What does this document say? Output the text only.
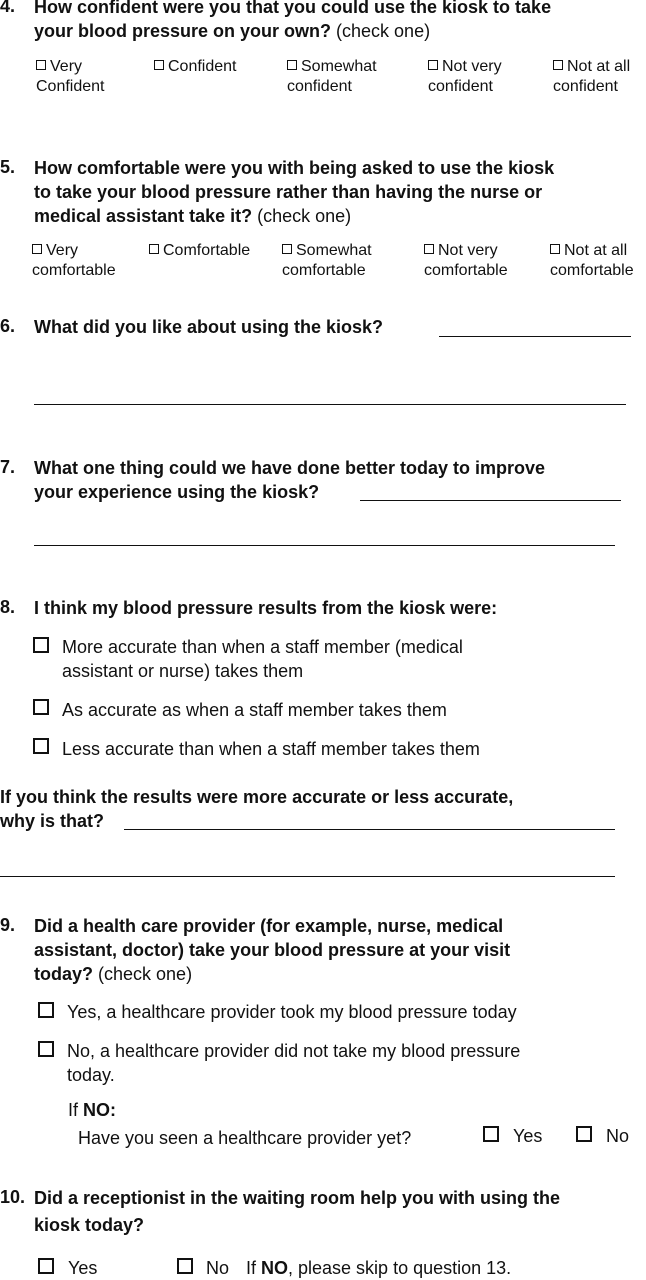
4. How confident were you that you could use the kiosk to take
your blood pressure on your own? (check one)
Very
Confident
Confident	Somewhat
confident
Not very
confident
Not at all
confident
5. How comfortable were you with being asked to use the kiosk
to take your blood pressure rather than having the nurse or
medical assistant take it? (check one)
Very
comfortable
Comfortable	Somewhat
comfortable
Not very
comfortable
Not at all
comfortable
6. What did you like about using the kiosk?
7. What one thing could we have done better today to improve
your experience using the kiosk?
8. I think my blood pressure results from the kiosk were:
More accurate than when a staff member (medical
assistant or nurse) takes them
As accurate as when a staff member takes them
Less accurate than when a staff member takes them
If you think the results were more accurate or less accurate,
why is that?
9. Did a health care provider (for example, nurse, medical
assistant, doctor) take your blood pressure at your visit
today? (check one)
Yes, a healthcare provider took my blood pressure today
No, a healthcare provider did not take my blood pressure
today.
If NO:
Have you seen a healthcare provider yet?	Yes	No
10. Did a receptionist in the waiting room help you with using the
kiosk today?
Yes	No If NO, please skip to question 13.
